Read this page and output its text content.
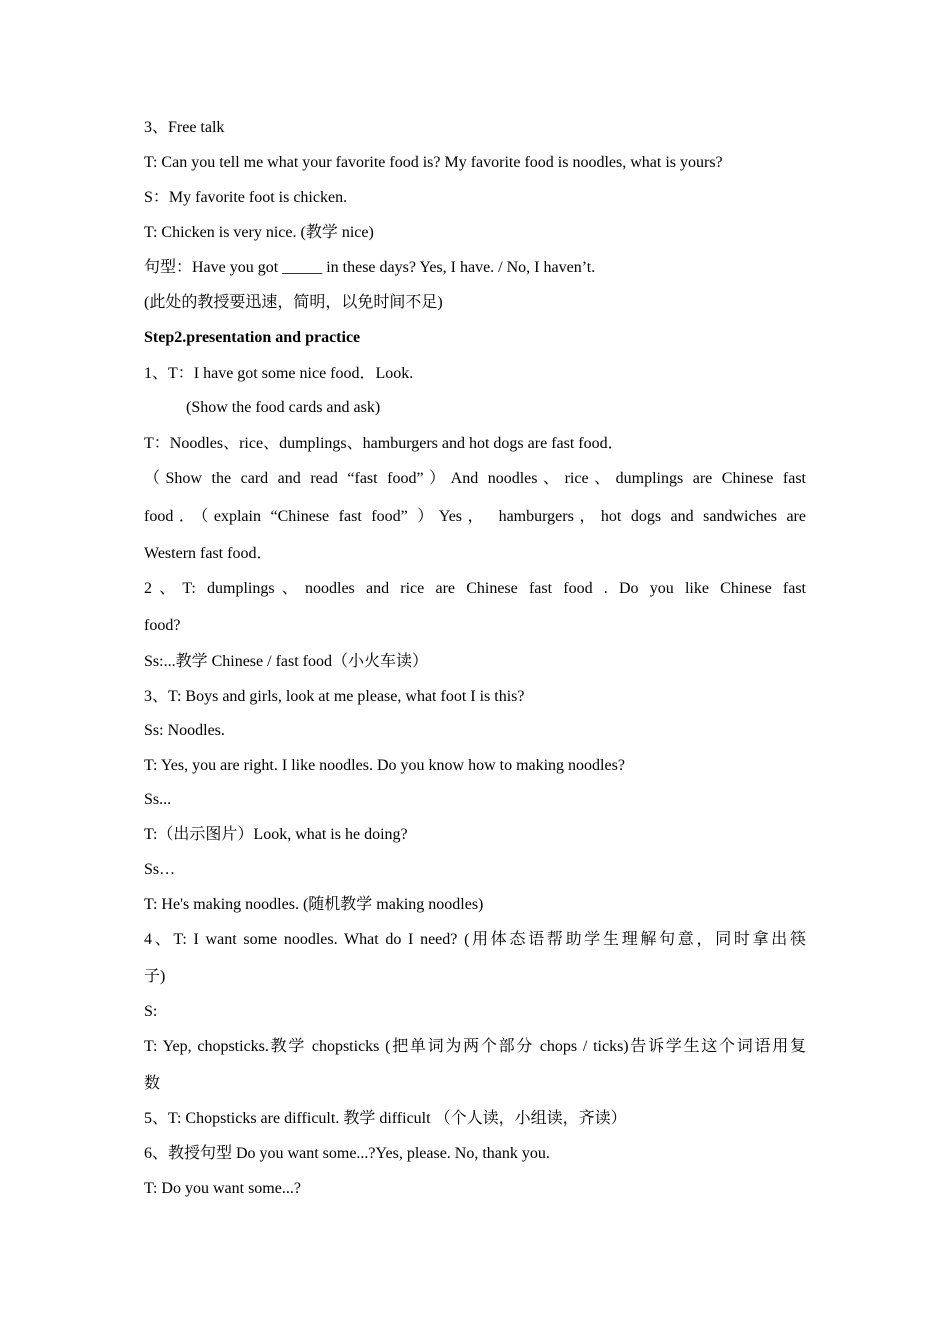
3、Free talk
T: Can you tell me what your favorite food is? My favorite food is noodles, what is yours?
S：My favorite foot is chicken.
T: Chicken is very nice. (教学 nice)
句型：Have you got _____ in these days? Yes, I have. / No, I haven’t.
(此处的教授要迅速，简明，以免时间不足)
Step2.presentation and practice
1、T：I have got some nice food．Look.
(Show the food cards and ask)
T：Noodles、rice、dumplings、hamburgers and hot dogs are fast food．
（Show the card and read “fast food”）And noodles、rice、dumplings are Chinese fast
food．（explain “Chinese fast food” ）Yes， hamburgers，hot dogs and sandwiches are
Western fast food．
2、T: dumplings、noodles and rice are Chinese fast food . Do you like Chinese fast
food?
Ss:...教学 Chinese / fast food（小火车读）
3、T: Boys and girls, look at me please, what foot I is this?
Ss: Noodles.
T: Yes, you are right. I like noodles. Do you know how to making noodles?
Ss...
T:（出示图片）Look, what is he doing?
Ss…
T: He's making noodles. (随机教学 making noodles)
4、T: I want some noodles. What do I need? (用体态语帮助学生理解句意，同时拿出筷
子)
S:
T: Yep, chopsticks.教学 chopsticks (把单词为两个部分 chops / ticks)告诉学生这个词语用复
数
5、T: Chopsticks are difficult. 教学 difficult （个人读，小组读，齐读）
6、教授句型 Do you want some...?Yes, please. No, thank you.
T: Do you want some...?
